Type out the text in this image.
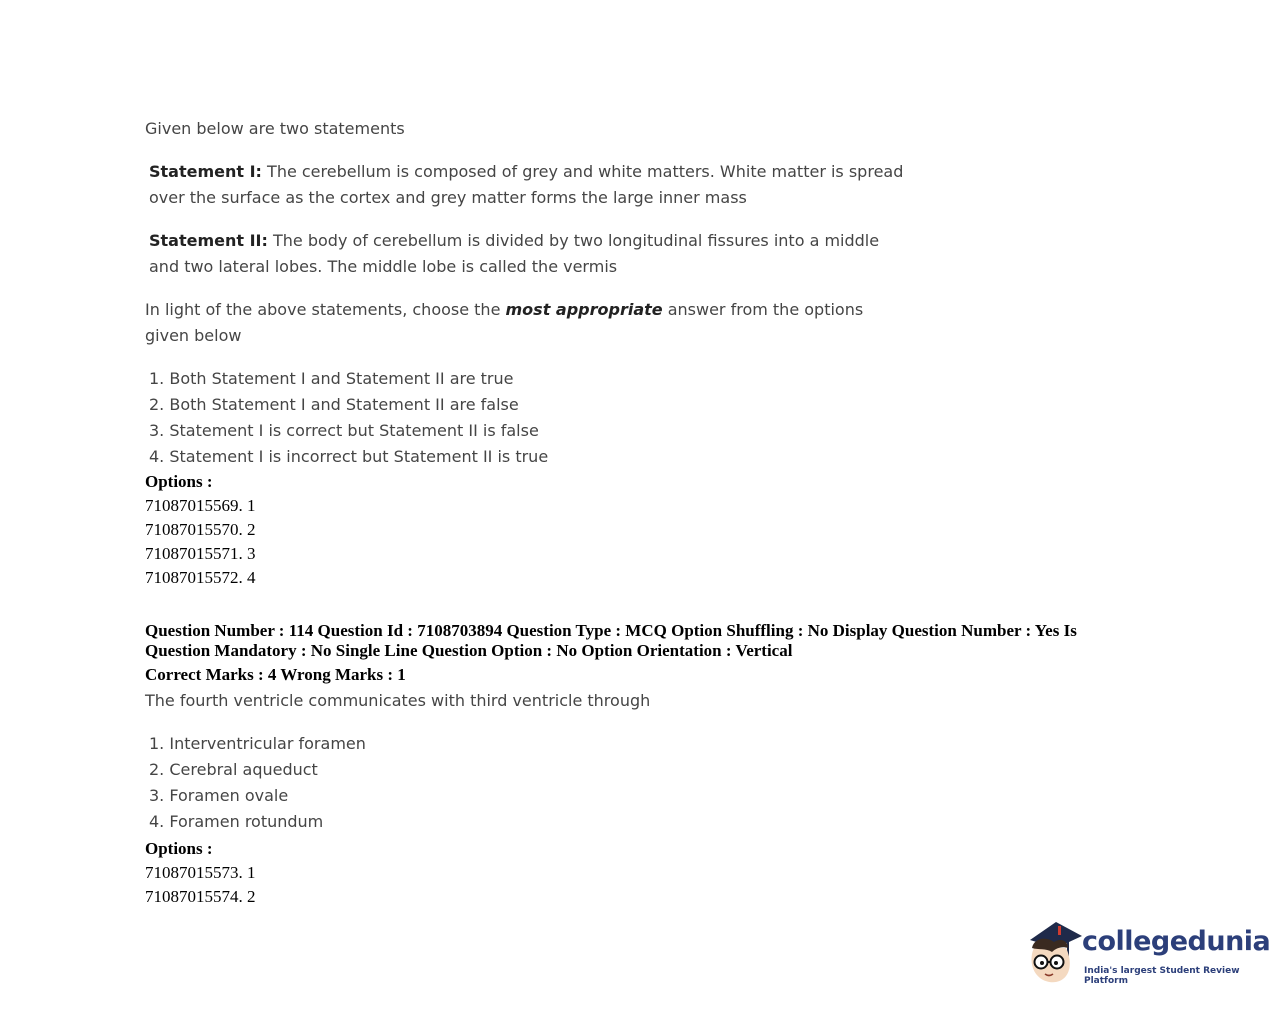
Given below are two statements

Statement I: The cerebellum is composed of grey and white matters. White matter is spread over the surface as the cortex and grey matter forms the large inner mass

Statement II: The body of cerebellum is divided by two longitudinal fissures into a middle and two lateral lobes. The middle lobe is called the vermis

In light of the above statements, choose the most appropriate answer from the options given below

1. Both Statement I and Statement II are true
2. Both Statement I and Statement II are false
3. Statement I is correct but Statement II is false
4. Statement I is incorrect but Statement II is true
Options :
71087015569. 1
71087015570. 2
71087015571. 3
71087015572. 4
Question Number : 114 Question Id : 7108703894 Question Type : MCQ Option Shuffling : No Display Question Number : Yes Is Question Mandatory : No Single Line Question Option : No Option Orientation : Vertical
Correct Marks : 4 Wrong Marks : 1

The fourth ventricle communicates with third ventricle through

1. Interventricular foramen
2. Cerebral aqueduct
3. Foramen ovale
4. Foramen rotundum
Options :
71087015573. 1
71087015574. 2
collegedunia
India's largest Student Review Platform
